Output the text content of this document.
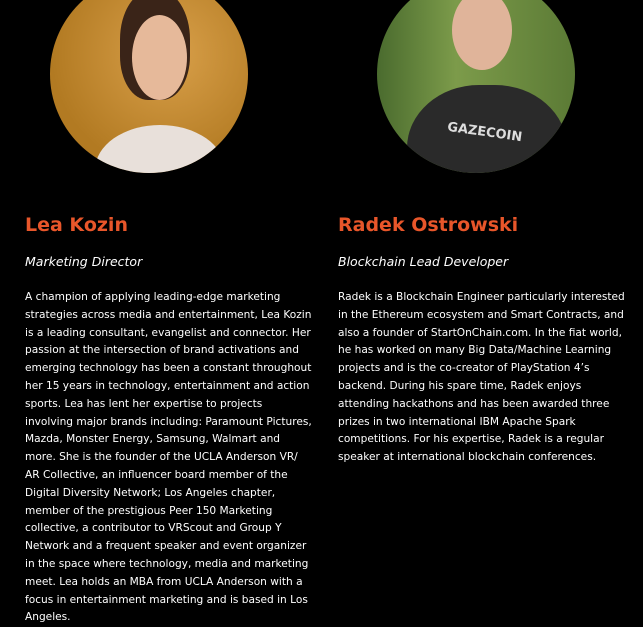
GAZECOIN
Lea Kozin
Marketing Director
A champion of applying leading-edge marketing
strategies across media and entertainment, Lea Kozin
is a leading consultant, evangelist and connector. Her
passion at the intersection of brand activations and
emerging technology has been a constant throughout
her 15 years in technology, entertainment and action
sports. Lea has lent her expertise to projects
involving major brands including: Paramount Pictures,
Mazda, Monster Energy, Samsung, Walmart and
more. She is the founder of the UCLA Anderson VR/
AR Collective, an influencer board member of the
Digital Diversity Network; Los Angeles chapter,
member of the prestigious Peer 150 Marketing
collective, a contributor to VRScout and Group Y
Network and a frequent speaker and event organizer
in the space where technology, media and marketing
meet. Lea holds an MBA from UCLA Anderson with a
focus in entertainment marketing and is based in Los
Angeles.
Radek Ostrowski
Blockchain Lead Developer
Radek is a Blockchain Engineer particularly interested
in the Ethereum ecosystem and Smart Contracts, and
also a founder of StartOnChain.com. In the fiat world,
he has worked on many Big Data/Machine Learning
projects and is the co-creator of PlayStation 4’s
backend. During his spare time, Radek enjoys
attending hackathons and has been awarded three
prizes in two international IBM Apache Spark
competitions. For his expertise, Radek is a regular
speaker at international blockchain conferences.
